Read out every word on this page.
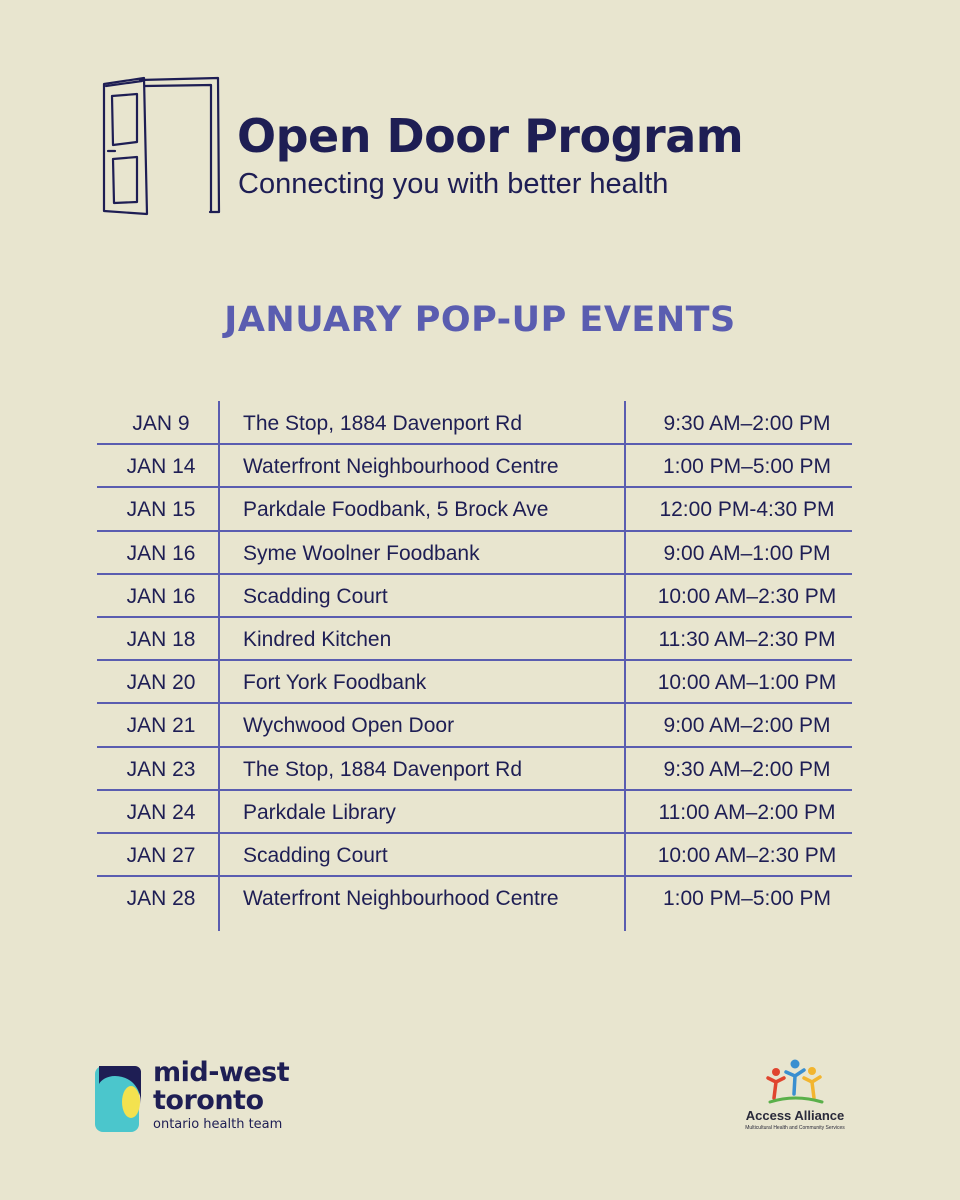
Open Door Program

Connecting you with better health

JANUARY POP-UP EVENTS
JAN 9	The Stop, 1884 Davenport Rd	9:30 AM–2:00 PM
JAN 14	Waterfront Neighbourhood Centre	1:00 PM–5:00 PM
JAN 15	Parkdale Foodbank, 5 Brock Ave	12:00 PM-4:30 PM
JAN 16	Syme Woolner Foodbank	9:00 AM–1:00 PM
JAN 16	Scadding Court	10:00 AM–2:30 PM
JAN 18	Kindred Kitchen	11:30 AM–2:30 PM
JAN 20	Fort York Foodbank	10:00 AM–1:00 PM
JAN 21	Wychwood Open Door	9:00 AM–2:00 PM
JAN 23	The Stop, 1884 Davenport Rd	9:30 AM–2:00 PM
JAN 24	Parkdale Library	11:00 AM–2:00 PM
JAN 27	Scadding Court	10:00 AM–2:30 PM
JAN 28	Waterfront Neighbourhood Centre	1:00 PM–5:00 PM
mid-west
toronto
ontario health team
Access Alliance
Multicultural Health and Community Services
